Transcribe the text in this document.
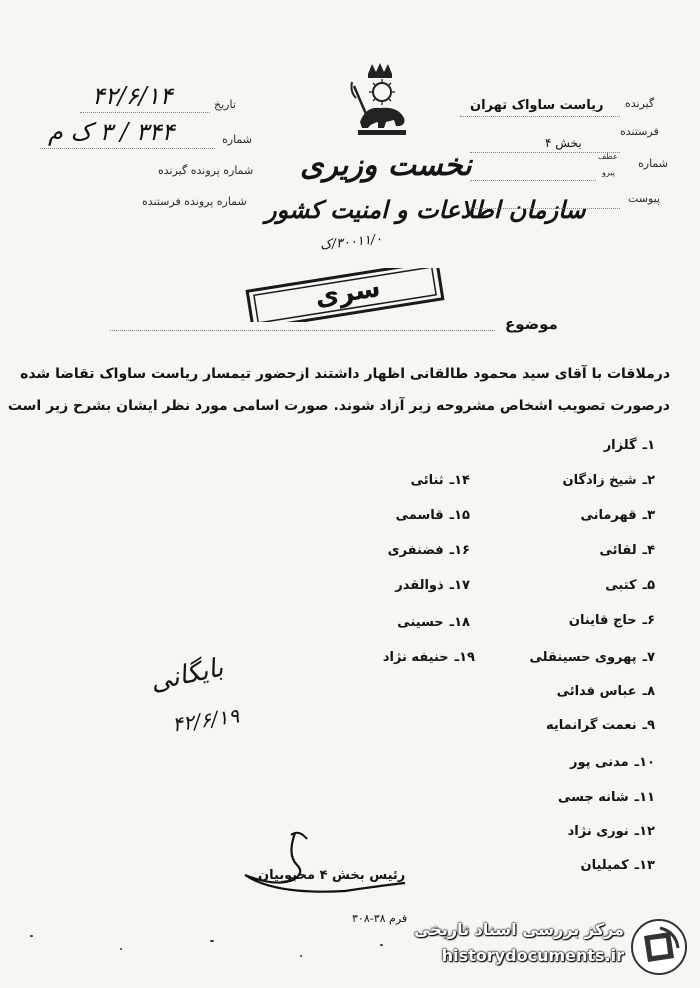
تاریخ
۴۲/۶/۱۴
شماره
۳۴۴ / ۳ ک م
شماره پرونده گیرنده
شماره پرونده فرستنده
نخست وزیری
سازمان اطلاعات و امنیت کشور
۳۰۰۱۱/۰/ک
سری
گیرنده
ریاست ساواک تهران
فرستنده
بخش ۴
شماره
عطف
پیرو
پیوست
موضوع
درملاقات با آقای سید محمود طالقانی اظهار داشتند ازحضور تیمسار ریاست ساواک تقاضا شده
درصورت تصویب اشخاص مشروحه زیر آزاد شوند. صورت اسامی مورد نظر ایشان بشرح زیر است
۱ـگلزار
۲ـشیخ زادگان
۳ـقهرمانی
۴ـلقائی
۵ـکتبی
۶ـحاج قاینان
۷ـپهروی حسینقلی
۸ـعباس فدائی
۹ـنعمت گرانمایه
۱۰ـمدنی پور
۱۱ـشانه جسی
۱۲ـنوری نژاد
۱۳ـکمیلیان
۱۴ـثنائی
۱۵ـقاسمی
۱۶ـفضنفری
۱۷ـذوالقدر
۱۸ـحسینی
۱۹ـحنیفه نژاد
بایگانی
۴۲/۶/۱۹
رئیس بخش ۴ محبوبیان
فرم ۳۸-۳۰۸
مرکز بررسی اسناد تاریخی
historydocuments.ir
